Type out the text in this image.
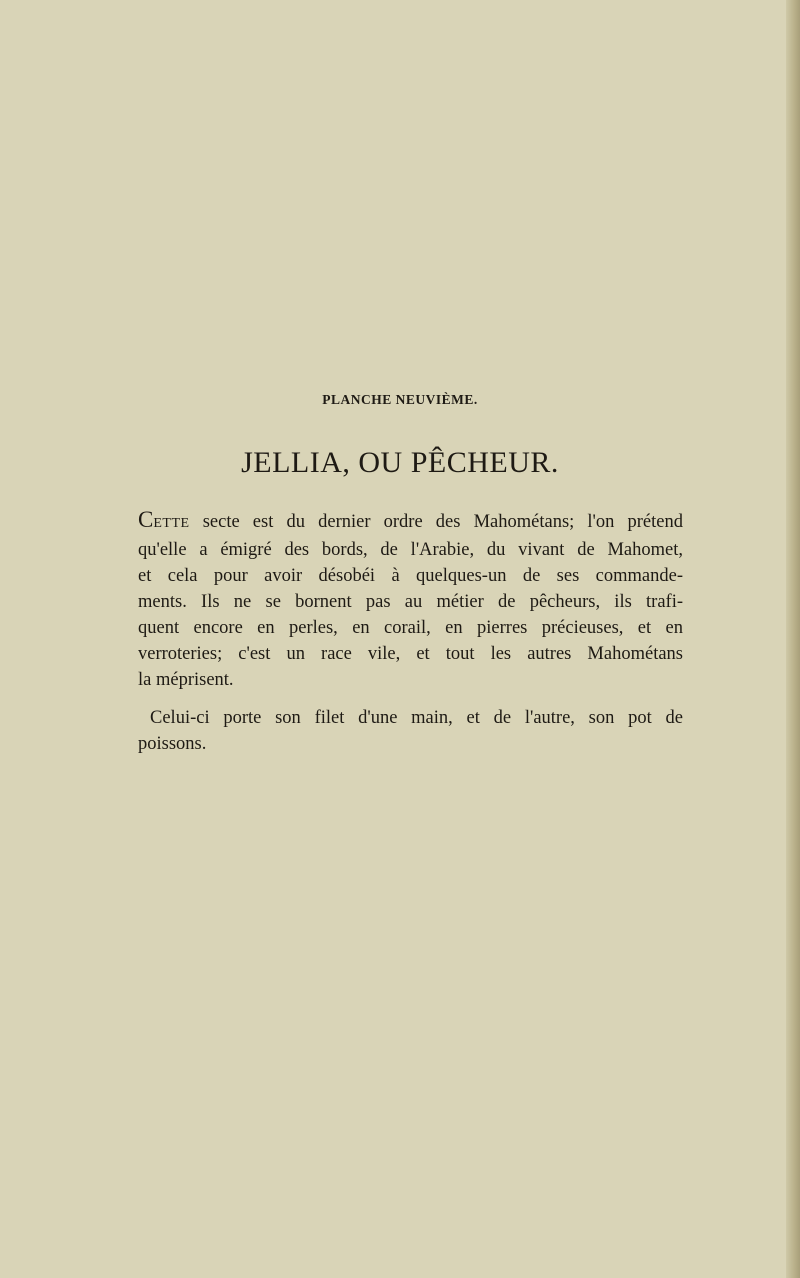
PLANCHE NEUVIÈME.
JELLIA, OU PÊCHEUR.
CETTE secte est du dernier ordre des Mahométans; l'on prétend
qu'elle a émigré des bords, de l'Arabie, du vivant de Mahomet,
et cela pour avoir désobéi à quelques-un de ses commande-
ments. Ils ne se bornent pas au métier de pêcheurs, ils trafi-
quent encore en perles, en corail, en pierres précieuses, et en
verroteries; c'est un race vile, et tout les autres Mahométans
la méprisent.
Celui-ci porte son filet d'une main, et de l'autre, son pot de
poissons.
